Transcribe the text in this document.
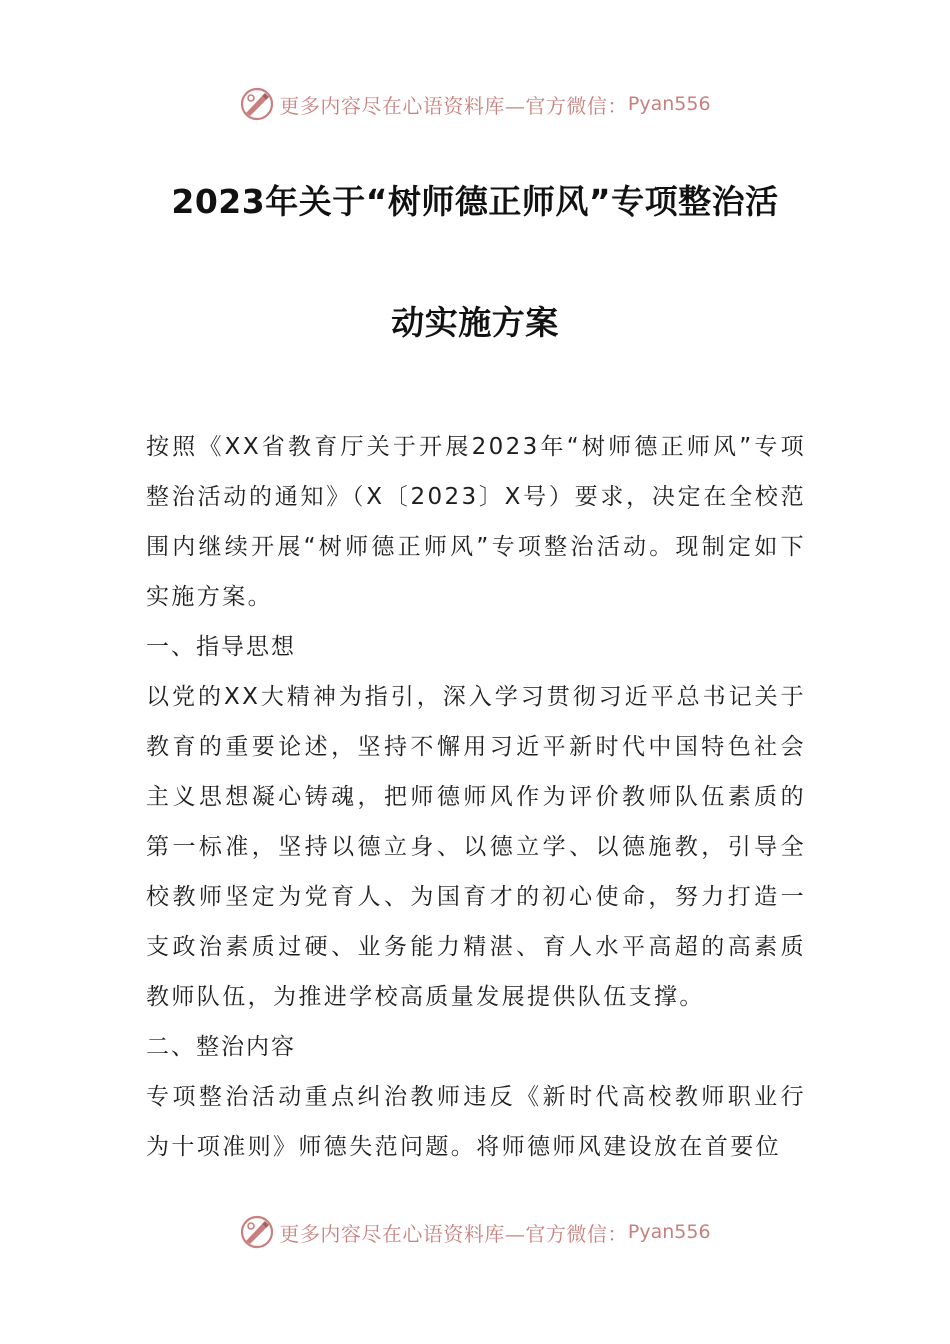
更多内容尽在心语资料库—官方微信： Pyan556
2023年关于“树师德正师风”专项整治活
动实施方案

按照《XX省教育厅关于开展2023年“树师德正师风”专项整治活动的通知》（X〔2023〕X号）要求，决定在全校范围内继续开展“树师德正师风”专项整治活动。现制定如下实施方案。

一、指导思想

以党的XX大精神为指引，深入学习贯彻习近平总书记关于教育的重要论述，坚持不懈用习近平新时代中国特色社会主义思想凝心铸魂，把师德师风作为评价教师队伍素质的第一标准，坚持以德立身、以德立学、以德施教，引导全校教师坚定为党育人、为国育才的初心使命，努力打造一支政治素质过硬、业务能力精湛、育人水平高超的高素质教师队伍，为推进学校高质量发展提供队伍支撑。

二、整治内容

专项整治活动重点纠治教师违反《新时代高校教师职业行为十项准则》师德失范问题。将师德师风建设放在首要位

更多内容尽在心语资料库—官方微信： Pyan556
